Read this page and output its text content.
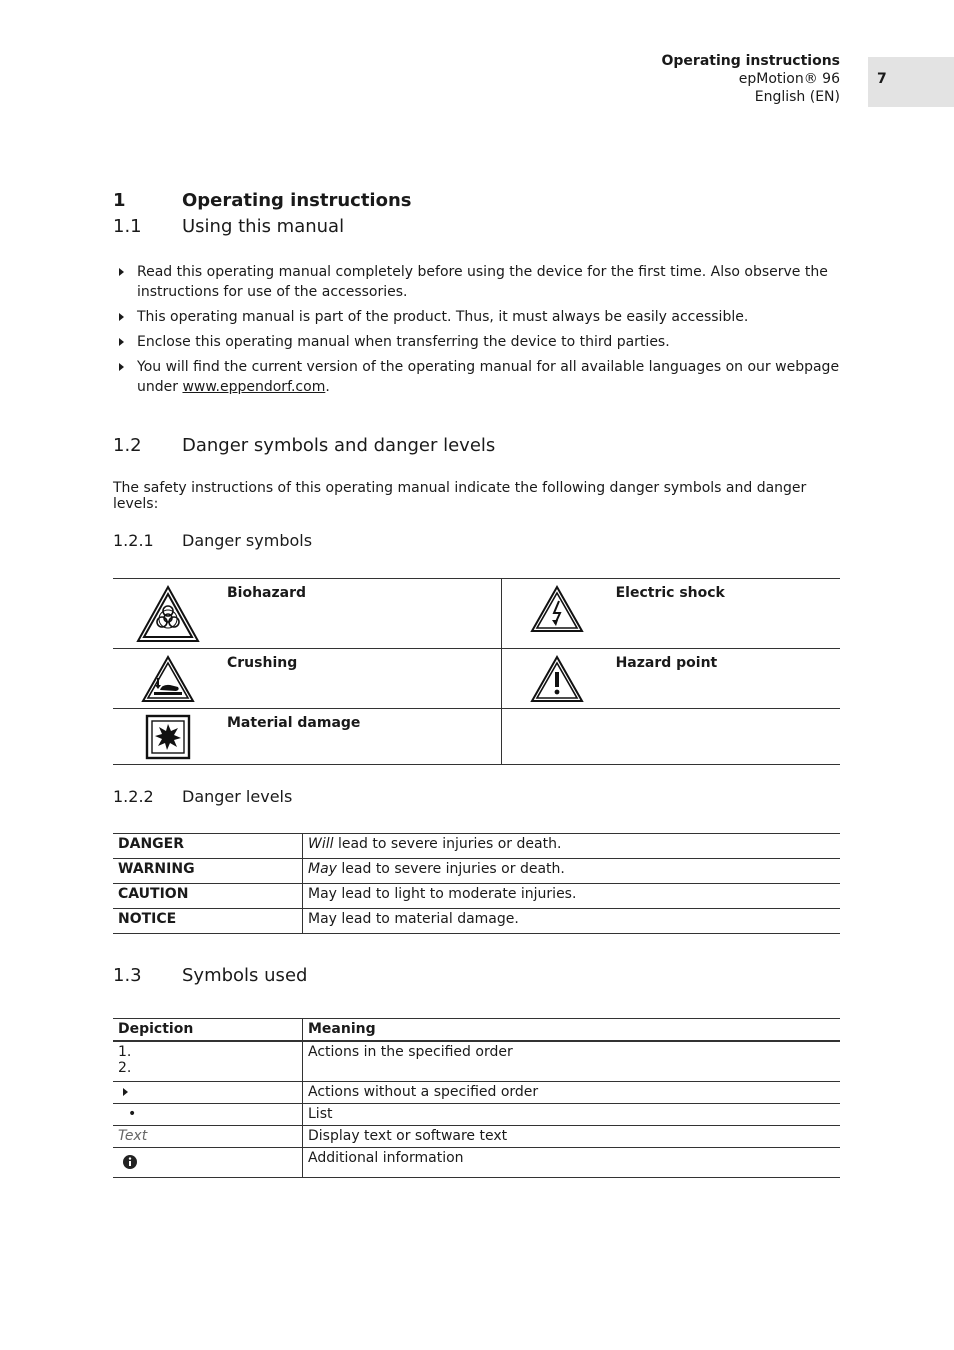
Operating instructions
epMotion® 96
English (EN)
7
1	Operating instructions
1.1 Using this manual
Read this operating manual completely before using the device for the first time. Also observe the instructions for use of the accessories.
This operating manual is part of the product. Thus, it must always be easily accessible.
Enclose this operating manual when transferring the device to third parties.
You will find the current version of the operating manual for all available languages on our webpage under www.eppendorf.com.
1.2 Danger symbols and danger levels
The safety instructions of this operating manual indicate the following danger symbols and danger levels:
1.2.1 Danger symbols
	Biohazard		Electric shock
	Crushing		Hazard point
	Material damage		
1.2.2 Danger levels
DANGER	Will lead to severe injuries or death.
WARNING	May lead to severe injuries or death.
CAUTION	May lead to light to moderate injuries.
NOTICE	May lead to material damage.
1.3 Symbols used
Depiction	Meaning

1.
2.	Actions in the specified order
	Actions without a specified order
•	List
Text	Display text or software text
	Additional information
